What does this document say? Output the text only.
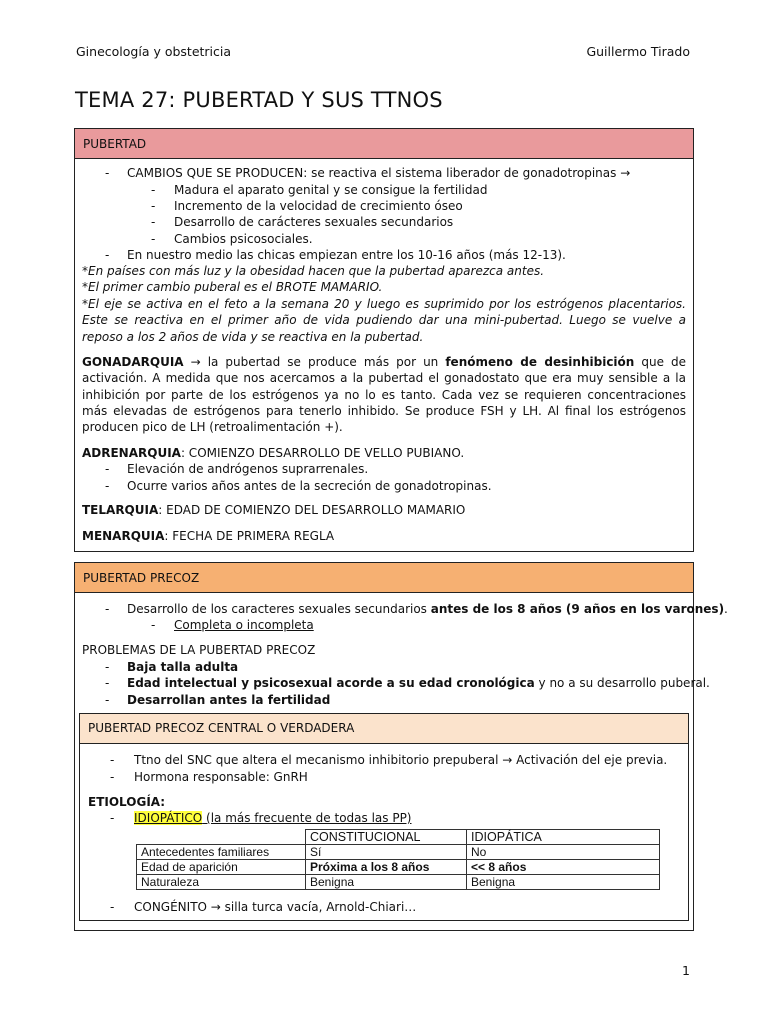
Ginecología y obstetricia	Guillermo Tirado
TEMA 27: PUBERTAD Y SUS TTNOS
PUBERTAD
- CAMBIOS QUE SE PRODUCEN: se reactiva el sistema liberador de gonadotropinas →
- Madura el aparato genital y se consigue la fertilidad
- Incremento de la velocidad de crecimiento óseo
- Desarrollo de carácteres sexuales secundarios
- Cambios psicosociales.
- En nuestro medio las chicas empiezan entre los 10-16 años (más 12-13).
*En países con más luz y la obesidad hacen que la pubertad aparezca antes.
*El primer cambio puberal es el BROTE MAMARIO.
*El eje se activa en el feto a la semana 20 y luego es suprimido por los estrógenos placentarios. Este se reactiva en el primer año de vida pudiendo dar una mini-pubertad. Luego se vuelve a reposo a los 2 años de vida y se reactiva en la pubertad.
GONADARQUIA → la pubertad se produce más por un fenómeno de desinhibición que de activación. A medida que nos acercamos a la pubertad el gonadostato que era muy sensible a la inhibición por parte de los estrógenos ya no lo es tanto. Cada vez se requieren concentraciones más elevadas de estrógenos para tenerlo inhibido. Se produce FSH y LH. Al final los estrógenos producen pico de LH (retroalimentación +).
ADRENARQUIA: COMIENZO DESARROLLO DE VELLO PUBIANO.
- Elevación de andrógenos suprarrenales.
- Ocurre varios años antes de la secreción de gonadotropinas.
TELARQUIA: EDAD DE COMIENZO DEL DESARROLLO MAMARIO
MENARQUIA: FECHA DE PRIMERA REGLA
PUBERTAD PRECOZ
- Desarrollo de los caracteres sexuales secundarios antes de los 8 años (9 años en los varones).
- Completa o incompleta
PROBLEMAS DE LA PUBERTAD PRECOZ
- Baja talla adulta
- Edad intelectual y psicosexual acorde a su edad cronológica y no a su desarrollo puberal.
- Desarrollan antes la fertilidad
PUBERTAD PRECOZ CENTRAL O VERDADERA
- Ttno del SNC que altera el mecanismo inhibitorio prepuberal → Activación del eje previa.
- Hormona responsable: GnRH
ETIOLOGÍA:
- IDIOPÁTICO (la más frecuente de todas las PP)
	CONSTITUCIONAL	IDIOPÁTICA
Antecedentes familiares	Sí	No
Edad de aparición	Próxima a los 8 años	<< 8 años
Naturaleza	Benigna	Benigna
- CONGÉNITO → silla turca vacía, Arnold-Chiari…
1
